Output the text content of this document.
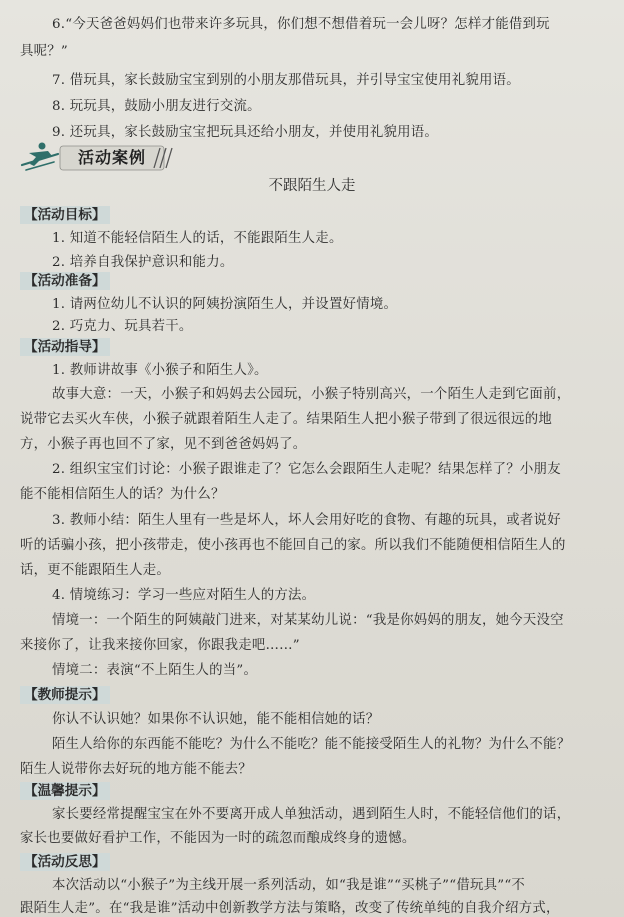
6.“今天爸爸妈妈们也带来许多玩具，你们想不想借着玩一会儿呀？怎样才能借到玩
具呢？”
7. 借玩具，家长鼓励宝宝到别的小朋友那借玩具，并引导宝宝使用礼貌用语。
8. 玩玩具，鼓励小朋友进行交流。
9. 还玩具，家长鼓励宝宝把玩具还给小朋友，并使用礼貌用语。
活动案例
不跟陌生人走
【活动目标】
1. 知道不能轻信陌生人的话，不能跟陌生人走。
2. 培养自我保护意识和能力。
【活动准备】
1. 请两位幼儿不认识的阿姨扮演陌生人，并设置好情境。
2. 巧克力、玩具若干。
【活动指导】
1. 教师讲故事《小猴子和陌生人》。
故事大意：一天，小猴子和妈妈去公园玩，小猴子特别高兴，一个陌生人走到它面前，
说带它去买火车侠，小猴子就跟着陌生人走了。结果陌生人把小猴子带到了很远很远的地
方，小猴子再也回不了家，见不到爸爸妈妈了。
2. 组织宝宝们讨论：小猴子跟谁走了？它怎么会跟陌生人走呢？结果怎样了？小朋友
能不能相信陌生人的话？为什么？
3. 教师小结：陌生人里有一些是坏人，坏人会用好吃的食物、有趣的玩具，或者说好
听的话骗小孩，把小孩带走，使小孩再也不能回自己的家。所以我们不能随便相信陌生人的
话，更不能跟陌生人走。
4. 情境练习：学习一些应对陌生人的方法。
情境一：一个陌生的阿姨敲门进来，对某某幼儿说：“我是你妈妈的朋友，她今天没空
来接你了，让我来接你回家，你跟我走吧……”
情境二：表演“不上陌生人的当”。
【教师提示】
你认不认识她？如果你不认识她，能不能相信她的话？
陌生人给你的东西能不能吃？为什么不能吃？能不能接受陌生人的礼物？为什么不能？
陌生人说带你去好玩的地方能不能去？
【温馨提示】
家长要经常提醒宝宝在外不要离开成人单独活动，遇到陌生人时，不能轻信他们的话，
家长也要做好看护工作，不能因为一时的疏忽而酿成终身的遗憾。
【活动反思】
本次活动以“小猴子”为主线开展一系列活动，如“我是谁”“买桃子”“借玩具”“不
跟陌生人走”。在“我是谁”活动中创新教学方法与策略，改变了传统单纯的自我介绍方式，
